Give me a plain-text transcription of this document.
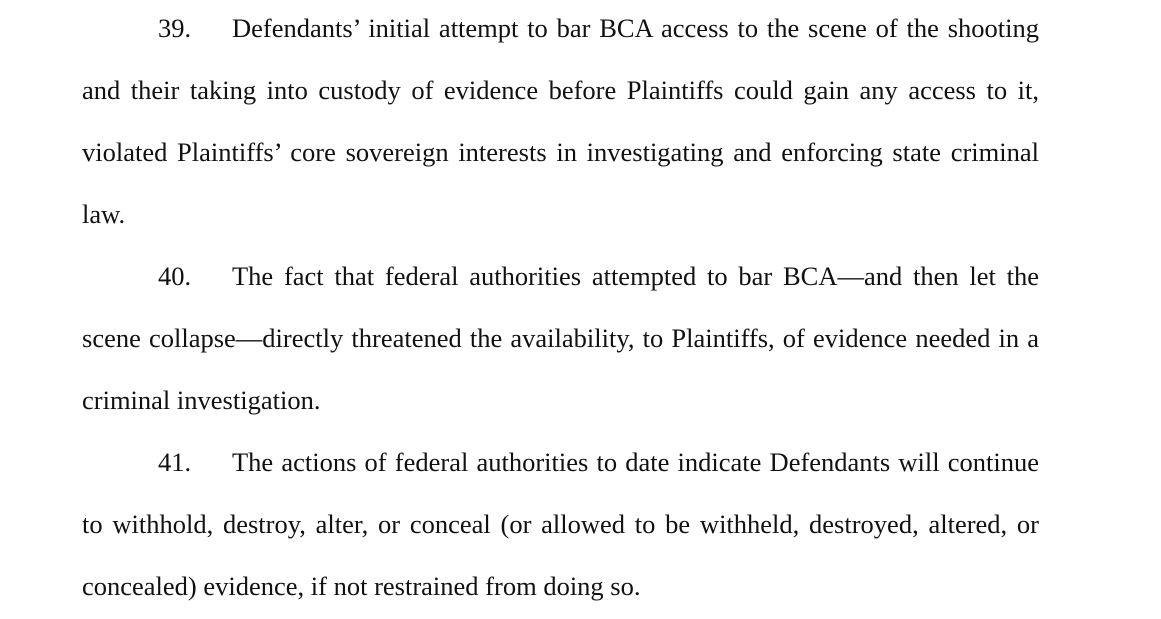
39. Defendants’ initial attempt to bar BCA access to the scene of the shooting
and their taking into custody of evidence before Plaintiffs could gain any access to it,
violated Plaintiffs’ core sovereign interests in investigating and enforcing state criminal
law.
40. The fact that federal authorities attempted to bar BCA—and then let the
scene collapse—directly threatened the availability, to Plaintiffs, of evidence needed in a
criminal investigation.
41. The actions of federal authorities to date indicate Defendants will continue
to withhold, destroy, alter, or conceal (or allowed to be withheld, destroyed, altered, or
concealed) evidence, if not restrained from doing so.
